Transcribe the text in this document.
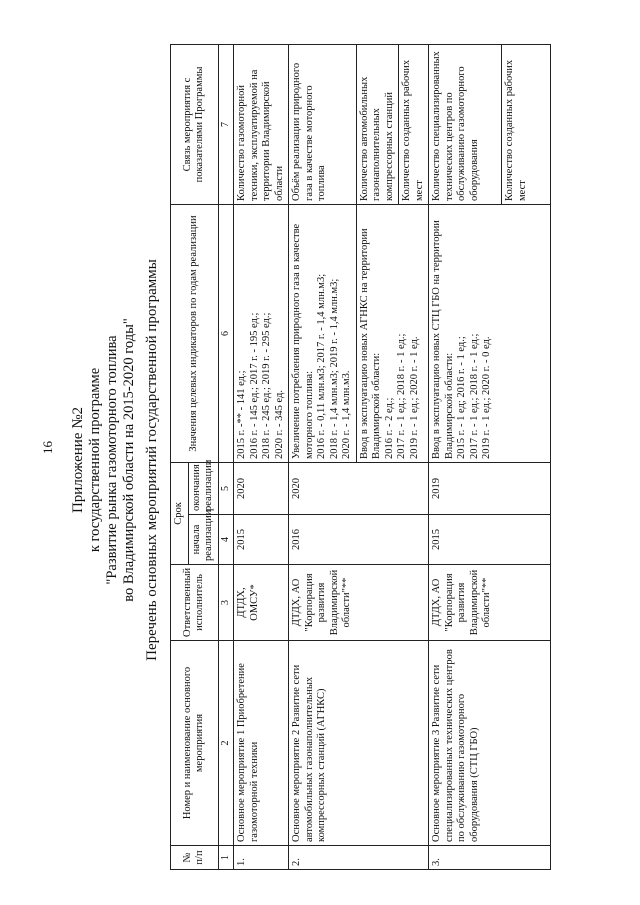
16 Приложение №2 к государственной программе "Развитие рынка газомоторного топлива во Владимирской области на 2015-2020 годы" Перечень основных мероприятий государственной программы
№ п/п	Номер и наименование основного мероприятия	Ответственный исполнитель	Срок		Значения целевых индикаторов по годам реализации	Связь мероприятия с показателями Программы
			начала реализации	окончания реализации		
1	2	3	4	5	6	7
1.	Основное мероприятие 1 Приобретение газомоторной техники	ДТДХ, ОМСУ*	2015	2020	2015 г. -** - 141 ед.; 2016 г. - 145 ед.; 2017 г. - 195 ед.; 2018 г. - 245 ед.; 2019 г. - 295 ед.; 2020 г. - 345 ед.	Количество газомоторной техники, эксплуатируемой на территории Владимирской области
2.	Основное мероприятие 2 Развитие сети автомобильных газонаполнительных компрессорных станций (АГНКС)	ДТДХ, АО "Корпорация развития Владимирской области"**	2016	2020	Увеличение потребления природного газа в качестве моторного топлива: 2016 г. - 0,11 млн.м3; 2017 г. - 1,4 млн.м3; 2018 г. - 1,4 млн.м3; 2019 г. - 1,4 млн.м3; 2020 г. - 1,4 млн.м3.	Объём реализации природного газа в качестве моторного топлива

					Ввод в эксплуатацию новых АГНКС на территории Владимирской области: 2016 г. - 2 ед.; 2017 г. - 1 ед.; 2018 г. - 1 ед.; 2019 г. - 1 ед.; 2020 г. - 1 ед.	Количество автомобильных газонаполнительных компрессорных станций
						Количество созданных рабочих мест
3.	Основное мероприятие 3 Развитие сети специализированных технических центров по обслуживанию газомоторного оборудования (СТЦ ГБО)	ДТДХ, АО "Корпорация развития Владимирской области"**	2015	2019	Ввод в эксплуатацию новых СТЦ ГБО на территории Владимирской области: 2015 г. - 1 ед; 2016 г. - 1 ед.; 2017 г. - 1 ед.; 2018 г. - 1 ед.; 2019 г. - 1 ед.; 2020 г. - 0 ед.	Количество специализированных технических центров по обслуживанию газомоторного оборудования
						Количество созданных рабочих мест
